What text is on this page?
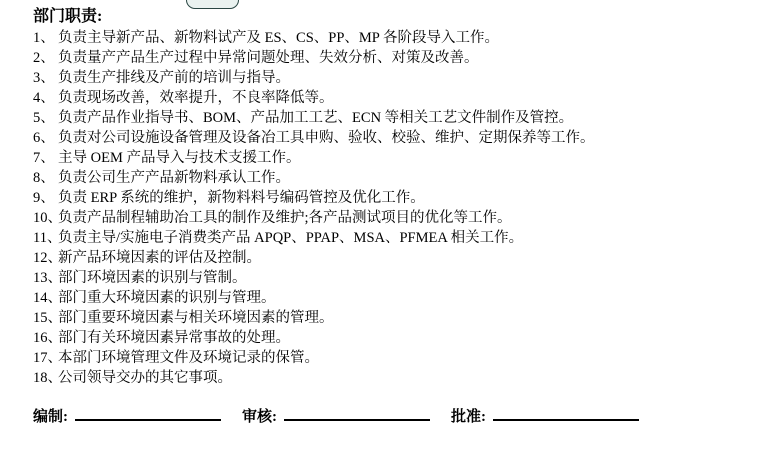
部门职责:
1、 负责主导新产品、新物料试产及 ES、CS、PP、MP 各阶段导入工作。
2、 负责量产产品生产过程中异常问题处理、失效分析、对策及改善。
3、 负责生产排线及产前的培训与指导。
4、 负责现场改善，效率提升，不良率降低等。
5、 负责产品作业指导书、BOM、产品加工工艺、ECN 等相关工艺文件制作及管控。
6、 负责对公司设施设备管理及设备冶工具申购、验收、校验、维护、定期保养等工作。
7、 主导 OEM 产品导入与技术支援工作。
8、 负责公司生产产品新物料承认工作。
9、 负责 ERP 系统的维护，新物料料号编码管控及优化工作。
10、负责产品制程辅助冶工具的制作及维护;各产品测试项目的优化等工作。
11、负责主导/实施电子消费类产品 APQP、PPAP、MSA、PFMEA 相关工作。
12、新产品环境因素的评估及控制。
13、部门环境因素的识别与管制。
14、部门重大环境因素的识别与管理。
15、部门重要环境因素与相关环境因素的管理。
16、部门有关环境因素异常事故的处理。
17、本部门环境管理文件及环境记录的保管。
18、公司领导交办的其它事项。
编制:	审核:	批准:
